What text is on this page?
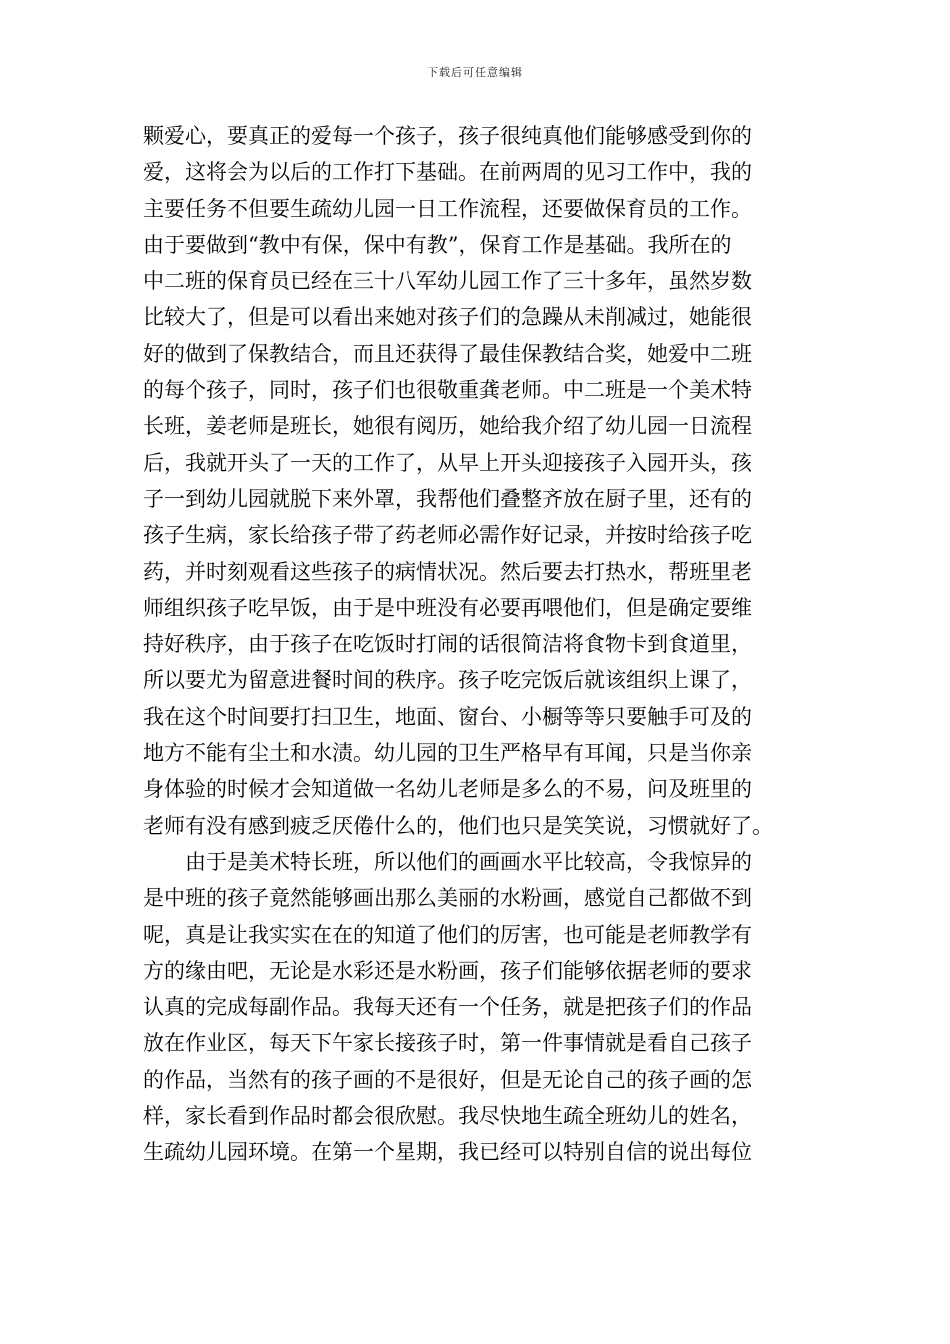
下载后可任意编辑
颗爱心，要真正的爱每一个孩子，孩子很纯真他们能够感受到你的
爱，这将会为以后的工作打下基础。在前两周的见习工作中，我的
主要任务不但要生疏幼儿园一日工作流程，还要做保育员的工作。
由于要做到“教中有保，保中有教”，保育工作是基础。我所在的
中二班的保育员已经在三十八军幼儿园工作了三十多年，虽然岁数
比较大了，但是可以看出来她对孩子们的急躁从未削减过，她能很
好的做到了保教结合，而且还获得了最佳保教结合奖，她爱中二班
的每个孩子，同时，孩子们也很敬重龚老师。中二班是一个美术特
长班，姜老师是班长，她很有阅历，她给我介绍了幼儿园一日流程
后，我就开头了一天的工作了，从早上开头迎接孩子入园开头，孩
子一到幼儿园就脱下来外罩，我帮他们叠整齐放在厨子里，还有的
孩子生病，家长给孩子带了药老师必需作好记录，并按时给孩子吃
药，并时刻观看这些孩子的病情状况。然后要去打热水，帮班里老
师组织孩子吃早饭，由于是中班没有必要再喂他们，但是确定要维
持好秩序，由于孩子在吃饭时打闹的话很简洁将食物卡到食道里，
所以要尤为留意进餐时间的秩序。孩子吃完饭后就该组织上课了，
我在这个时间要打扫卫生，地面、窗台、小橱等等只要触手可及的
地方不能有尘土和水渍。幼儿园的卫生严格早有耳闻，只是当你亲
身体验的时候才会知道做一名幼儿老师是多么的不易，问及班里的
老师有没有感到疲乏厌倦什么的，他们也只是笑笑说，习惯就好了。
由于是美术特长班，所以他们的画画水平比较高，令我惊异的
是中班的孩子竟然能够画出那么美丽的水粉画，感觉自己都做不到
呢，真是让我实实在在的知道了他们的厉害，也可能是老师教学有
方的缘由吧，无论是水彩还是水粉画，孩子们能够依据老师的要求
认真的完成每副作品。我每天还有一个任务，就是把孩子们的作品
放在作业区，每天下午家长接孩子时，第一件事情就是看自己孩子
的作品，当然有的孩子画的不是很好，但是无论自己的孩子画的怎
样，家长看到作品时都会很欣慰。我尽快地生疏全班幼儿的姓名，
生疏幼儿园环境。在第一个星期，我已经可以特别自信的说出每位
